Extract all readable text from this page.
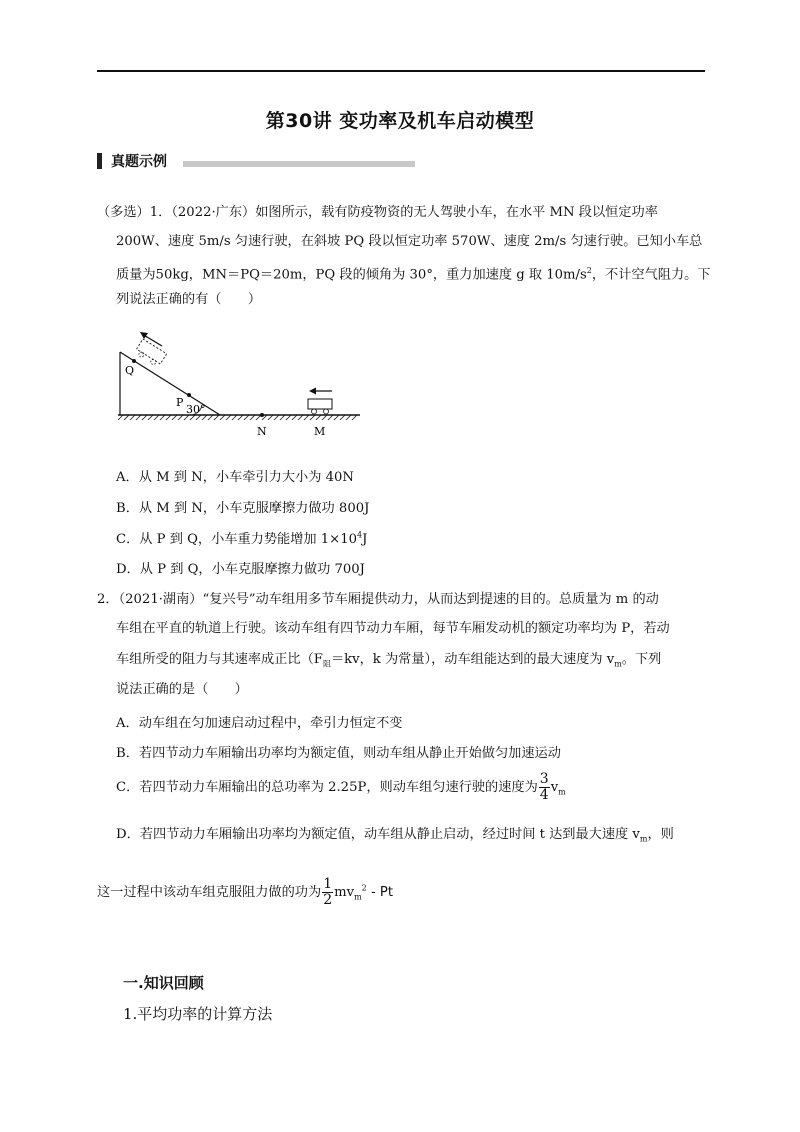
第30讲 变功率及机车启动模型
真题示例
（多选）1．（2022·广东）如图所示，载有防疫物资的无人驾驶小车，在水平 MN 段以恒定功率
200W、速度 5m/s 匀速行驶，在斜坡 PQ 段以恒定功率 570W、速度 2m/s 匀速行驶。已知小车总
质量为50kg，MN＝PQ＝20m，PQ 段的倾角为 30°，重力加速度 g 取 $10m/s^2$，不计空气阻力。下
列说法正确的有（　　）
30°
P
Q
N	M
A．从 M 到 N，小车牵引力大小为 40N
B．从 M 到 N，小车克服摩擦力做功 800J
C．从 P 到 Q，小车重力势能增加 $1\times 10^4J$
D．从 P 到 Q，小车克服摩擦力做功 700J
2．（2021·湖南）“复兴号”动车组用多节车厢提供动力，从而达到提速的目的。总质量为 m 的动
车组在平直的轨道上行驶。该动车组有四节动力车厢，每节车厢发动机的额定功率均为 P，若动
车组所受的阻力与其速率成正比（$F_阻=kv$，k 为常量），动车组能达到的最大速度为 $v_m$。下列
说法正确的是（　　）
A．动车组在匀加速启动过程中，牵引力恒定不变
B．若四节动力车厢输出功率均为额定值，则动车组从静止开始做匀加速运动
C．若四节动力车厢输出的总功率为 2.25P，则动车组匀速行驶的速度为 $\frac{3}{4} v_m$
D．若四节动力车厢输出功率均为额定值，动车组从静止启动，经过时间 t 达到最大速度 $v_m$，则
这一过程中该动车组克服阻力做的功为 $\frac{1}{2} mv_m^2$ - Pt
一.知识回顾
1.平均功率的计算方法
